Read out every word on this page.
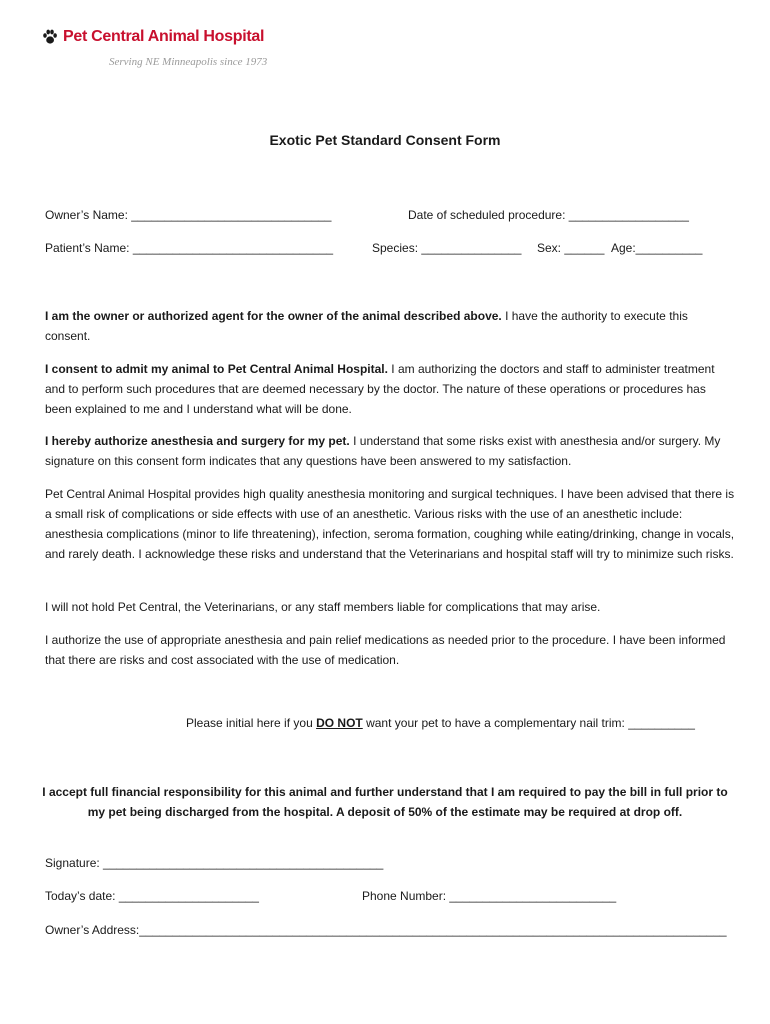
Pet Central Animal Hospital
Serving NE Minneapolis since 1973
Exotic Pet Standard Consent Form
Owner’s Name: ______________________________	Date of scheduled procedure: __________________
Patient’s Name: ______________________________	Species: _______________ Sex: ______ Age:__________
I am the owner or authorized agent for the owner of the animal described above. I have the authority to execute this consent.
I consent to admit my animal to Pet Central Animal Hospital. I am authorizing the doctors and staff to administer treatment and to perform such procedures that are deemed necessary by the doctor. The nature of these operations or procedures has been explained to me and I understand what will be done.
I hereby authorize anesthesia and surgery for my pet. I understand that some risks exist with anesthesia and/or surgery. My signature on this consent form indicates that any questions have been answered to my satisfaction.
Pet Central Animal Hospital provides high quality anesthesia monitoring and surgical techniques. I have been advised that there is a small risk of complications or side effects with use of an anesthetic. Various risks with the use of an anesthetic include: anesthesia complications (minor to life threatening), infection, seroma formation, coughing while eating/drinking, change in vocals, and rarely death. I acknowledge these risks and understand that the Veterinarians and hospital staff will try to minimize such risks.
I will not hold Pet Central, the Veterinarians, or any staff members liable for complications that may arise.
I authorize the use of appropriate anesthesia and pain relief medications as needed prior to the procedure. I have been informed that there are risks and cost associated with the use of medication.
Please initial here if you DO NOT want your pet to have a complementary nail trim: __________
I accept full financial responsibility for this animal and further understand that I am required to pay the bill in full prior to my pet being discharged from the hospital. A deposit of 50% of the estimate may be required at drop off.
Signature: __________________________________________
Today’s date: _____________________	Phone Number: _________________________
Owner’s Address:________________________________________________________________________________________
